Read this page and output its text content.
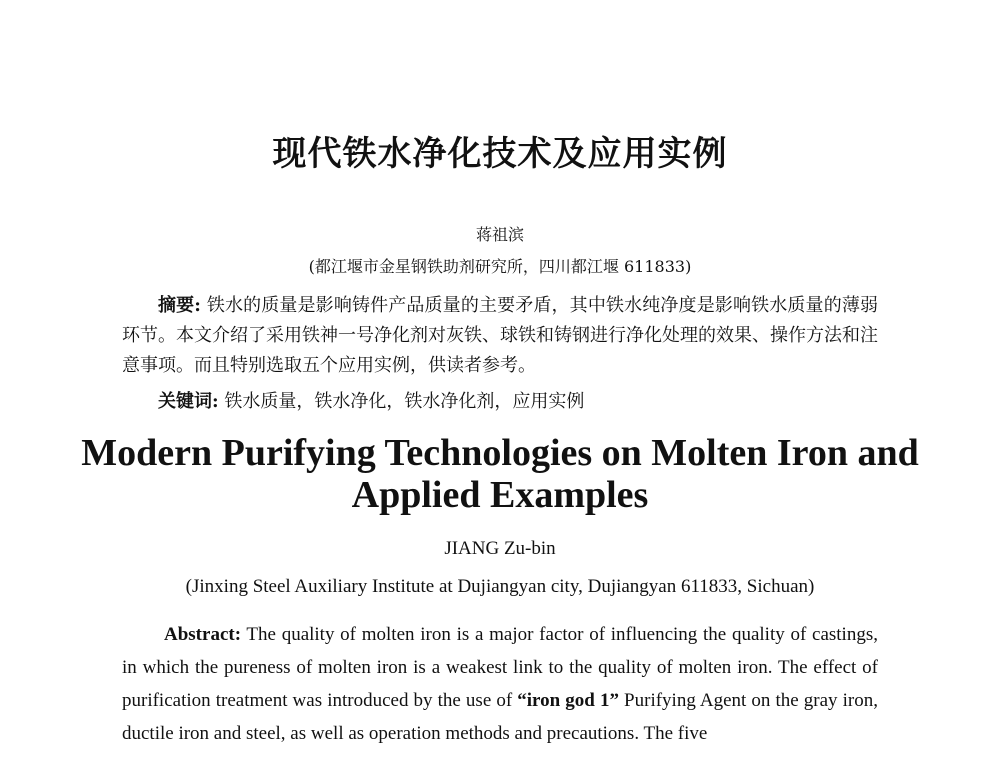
现代铁水净化技术及应用实例
蒋祖滨
(都江堰市金星钢铁助剂研究所，四川都江堰 611833)
摘要: 铁水的质量是影响铸件产品质量的主要矛盾，其中铁水纯净度是影响铁水质量的薄弱环节。本文介绍了采用铁神一号净化剂对灰铁、球铁和铸钢进行净化处理的效果、操作方法和注意事项。而且特别选取五个应用实例，供读者参考。
关键词: 铁水质量，铁水净化，铁水净化剂，应用实例
Modern Purifying Technologies on Molten Iron and Applied Examples
JIANG Zu-bin
(Jinxing Steel Auxiliary Institute at Dujiangyan city, Dujiangyan 611833, Sichuan)
Abstract: The quality of molten iron is a major factor of influencing the quality of castings, in which the pureness of molten iron is a weakest link to the quality of molten iron. The effect of purification treatment was introduced by the use of “iron god 1” Purifying Agent on the gray iron, ductile iron and steel, as well as operation methods and precautions. The five
